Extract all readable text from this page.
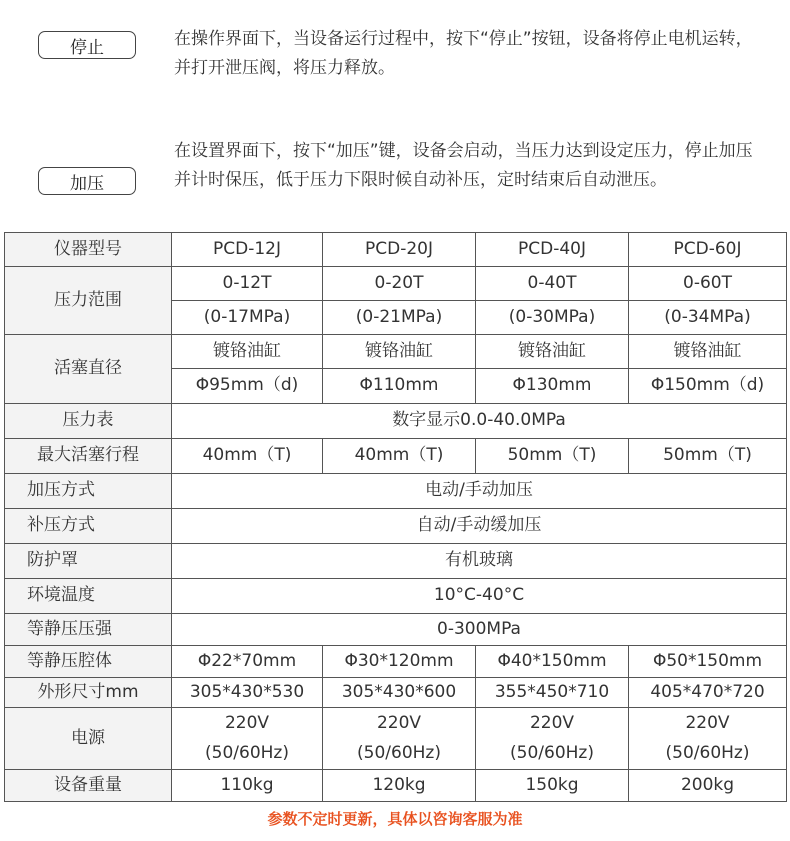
停止	在操作界面下，当设备运行过程中，按下“停止”按钮，设备将停止电机运转，并打开泄压阀，将压力释放。

加压

在设置界面下，按下“加压”键，设备会启动，当压力达到设定压力，停止加压并计时保压，低于压力下限时候自动补压，定时结束后自动泄压。

仪器型号	PCD-12J	PCD-20J	PCD-40J	PCD-60J
压力范围	0-12T	0-20T	0-40T	0-60T
	(0-17MPa)	(0-21MPa)	(0-30MPa)	(0-34MPa)
活塞直径	镀铬油缸	镀铬油缸	镀铬油缸	镀铬油缸
	Φ95mm（d)	Φ110mm	Φ130mm	Φ150mm（d)
压力表	数字显示0.0-40.0MPa			
最大活塞行程	40mm（T)	40mm（T)	50mm（T)	50mm（T)
加压方式	电动/手动加压			
补压方式	自动/手动缓加压			
防护罩	有机玻璃			
环境温度	10°C-40°C			
等静压压强	0-300MPa			
等静压腔体	Φ22*70mm	Φ30*120mm	Φ40*150mm	Φ50*150mm
外形尺寸mm	305*430*530	305*430*600	355*450*710	405*470*720
电源	220V	220V	220V	220V
	(50/60Hz)	(50/60Hz)	(50/60Hz)	(50/60Hz)
设备重量	110kg	120kg	150kg	200kg
参数不定时更新，具体以咨询客服为准
